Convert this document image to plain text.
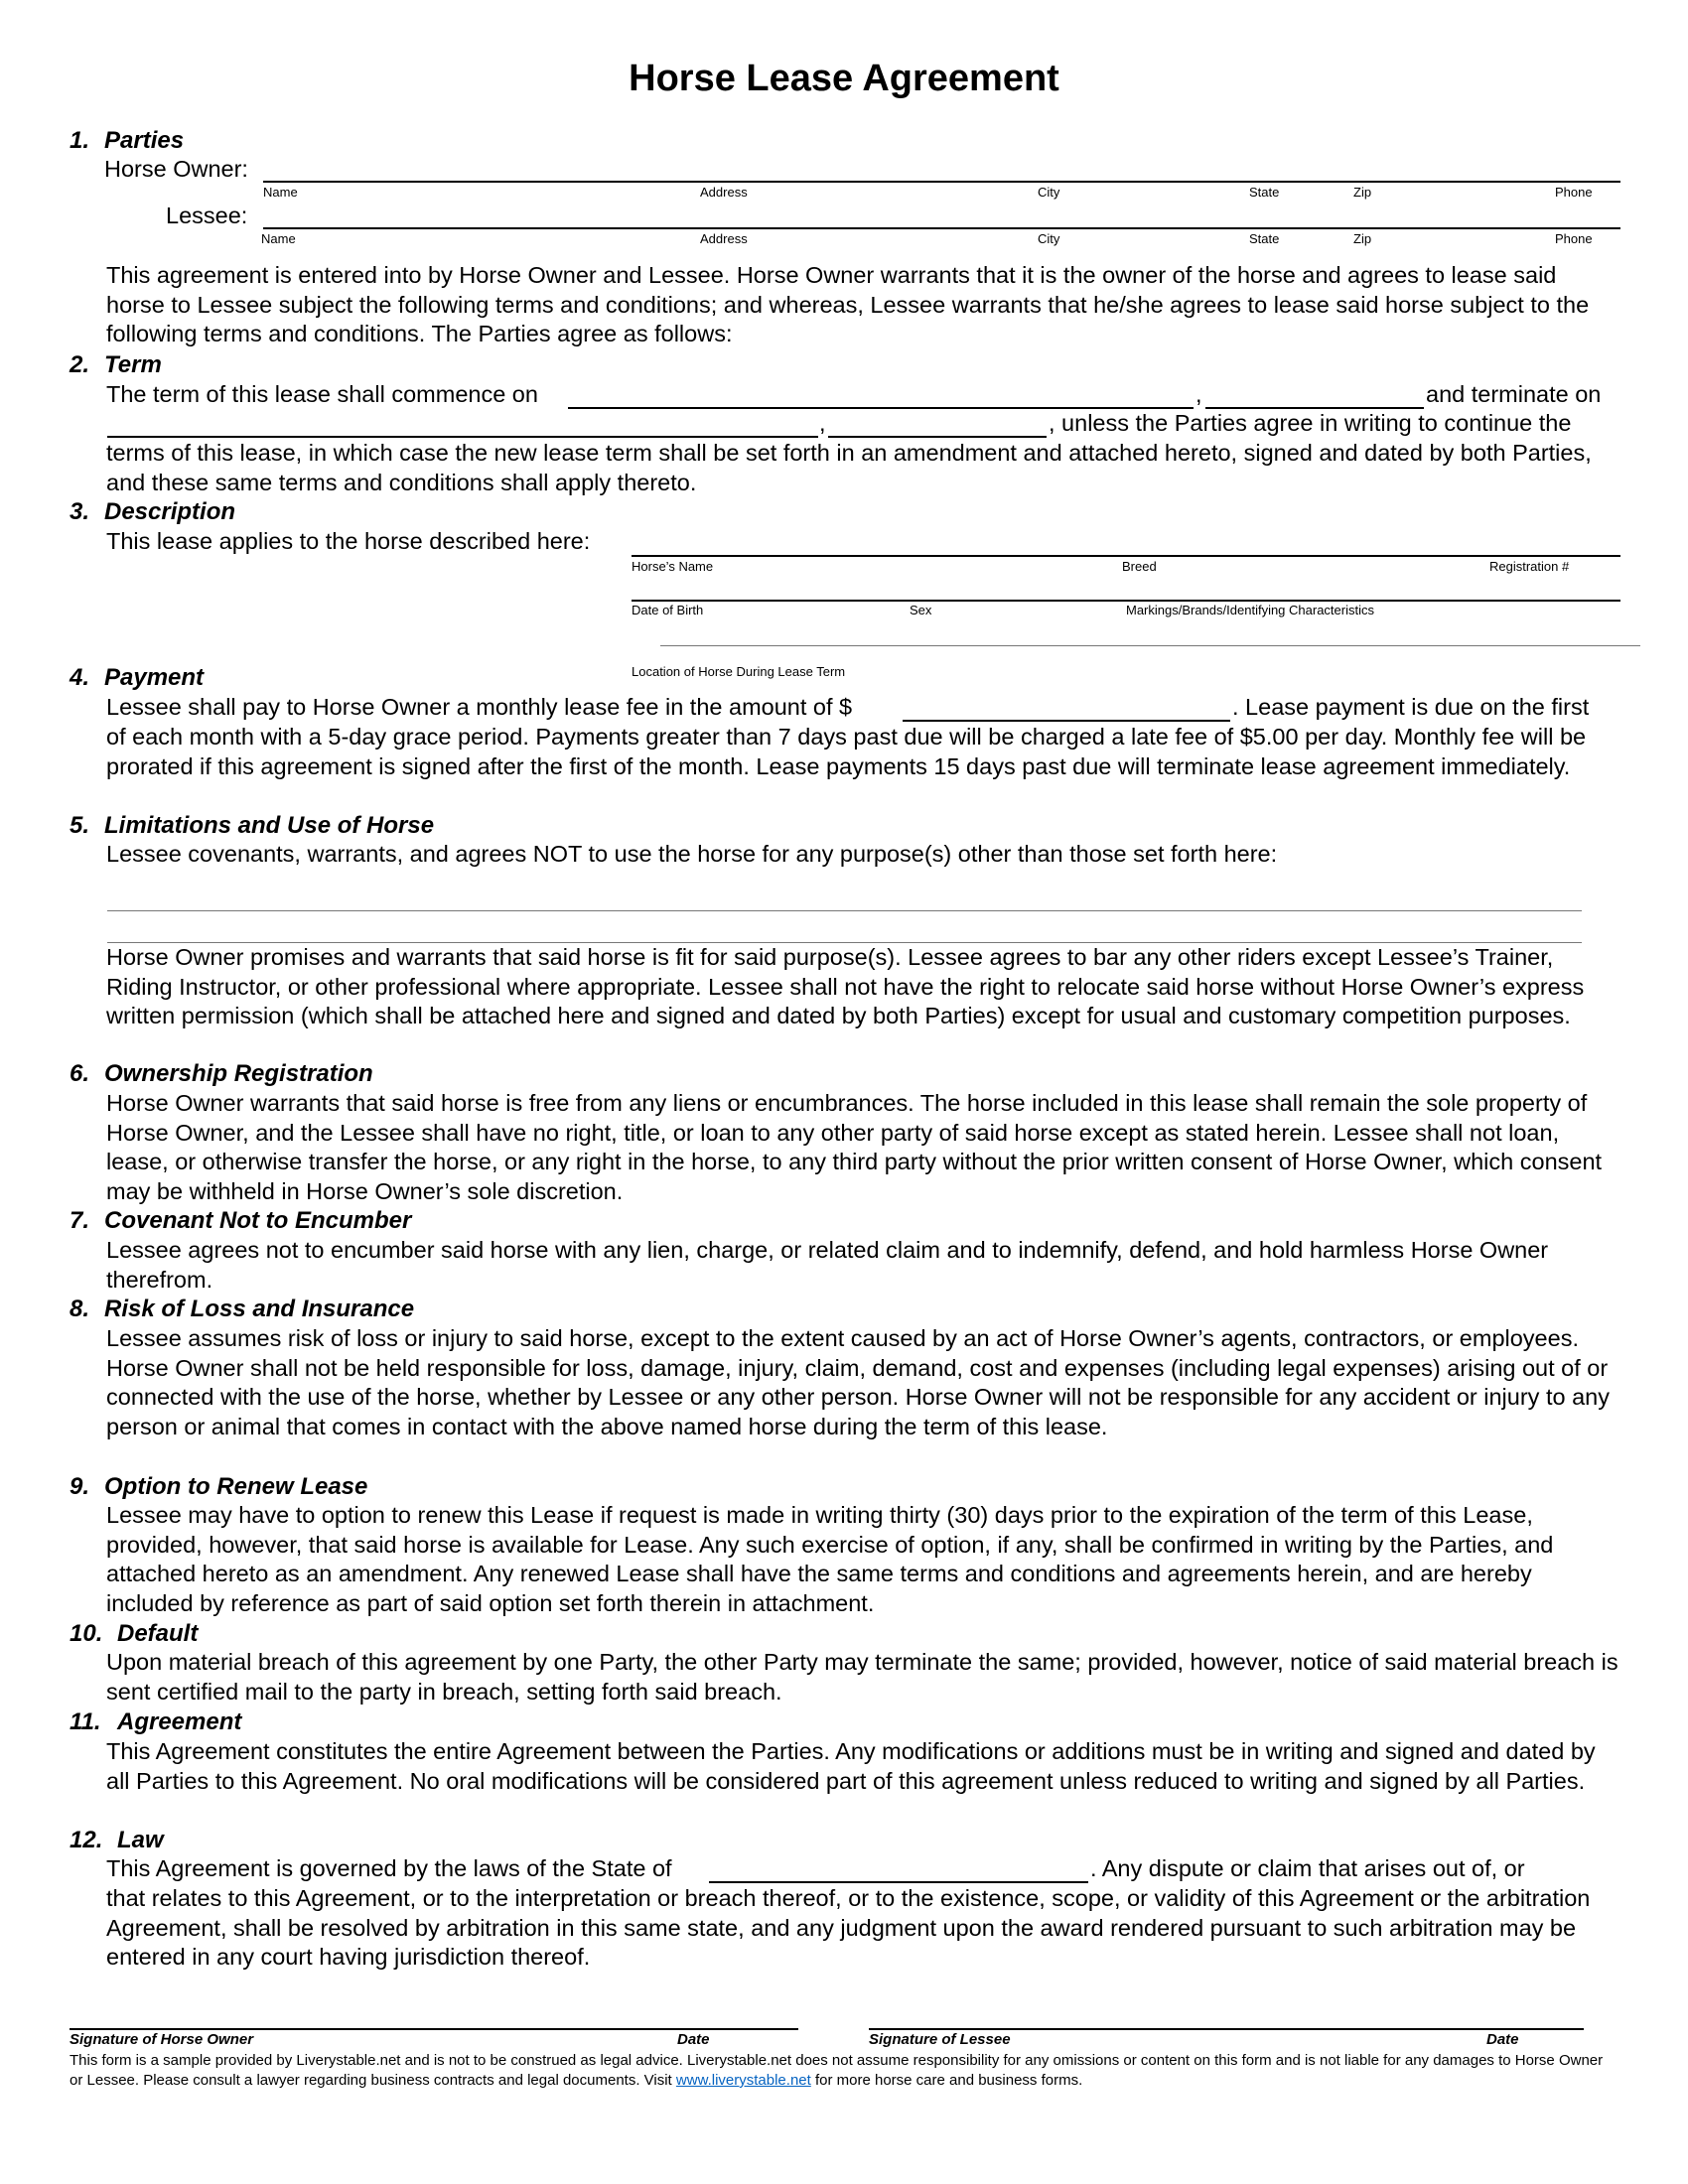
Horse Lease Agreement
1. Parties
Horse Owner:
Name	Address	City	State	Zip	Phone
Lessee:
Name	Address	City	State	Zip	Phone
This agreement is entered into by Horse Owner and Lessee. Horse Owner warrants that it is the owner of the horse and agrees to lease said horse to Lessee subject the following terms and conditions; and whereas, Lessee warrants that he/she agrees to lease said horse subject to the following terms and conditions. The Parties agree as follows:
2. Term
The term of this lease shall commence on	,	and terminate on
,	, unless the Parties agree in writing to continue the
terms of this lease, in which case the new lease term shall be set forth in an amendment and attached hereto, signed and dated by both Parties, and these same terms and conditions shall apply thereto.
3. Description
This lease applies to the horse described here:
Horse’s Name	Breed	Registration #
Date of Birth	Sex	Markings/Brands/Identifying Characteristics
Location of Horse During Lease Term
4. Payment
Lessee shall pay to Horse Owner a monthly lease fee in the amount of $	. Lease payment is due on the first
of each month with a 5-day grace period. Payments greater than 7 days past due will be charged a late fee of $5.00 per day. Monthly fee will be prorated if this agreement is signed after the first of the month. Lease payments 15 days past due will terminate lease agreement immediately.
5. Limitations and Use of Horse
Lessee covenants, warrants, and agrees NOT to use the horse for any purpose(s) other than those set forth here:
Horse Owner promises and warrants that said horse is fit for said purpose(s). Lessee agrees to bar any other riders except Lessee’s Trainer, Riding Instructor, or other professional where appropriate. Lessee shall not have the right to relocate said horse without Horse Owner’s express written permission (which shall be attached here and signed and dated by both Parties) except for usual and customary competition purposes.
6. Ownership Registration
Horse Owner warrants that said horse is free from any liens or encumbrances. The horse included in this lease shall remain the sole property of Horse Owner, and the Lessee shall have no right, title, or loan to any other party of said horse except as stated herein. Lessee shall not loan, lease, or otherwise transfer the horse, or any right in the horse, to any third party without the prior written consent of Horse Owner, which consent may be withheld in Horse Owner’s sole discretion.
7. Covenant Not to Encumber
Lessee agrees not to encumber said horse with any lien, charge, or related claim and to indemnify, defend, and hold harmless Horse Owner therefrom.
8. Risk of Loss and Insurance
Lessee assumes risk of loss or injury to said horse, except to the extent caused by an act of Horse Owner’s agents, contractors, or employees. Horse Owner shall not be held responsible for loss, damage, injury, claim, demand, cost and expenses (including legal expenses) arising out of or connected with the use of the horse, whether by Lessee or any other person. Horse Owner will not be responsible for any accident or injury to any person or animal that comes in contact with the above named horse during the term of this lease.
9. Option to Renew Lease
Lessee may have to option to renew this Lease if request is made in writing thirty (30) days prior to the expiration of the term of this Lease, provided, however, that said horse is available for Lease. Any such exercise of option, if any, shall be confirmed in writing by the Parties, and attached hereto as an amendment. Any renewed Lease shall have the same terms and conditions and agreements herein, and are hereby included by reference as part of said option set forth therein in attachment.
10. Default
Upon material breach of this agreement by one Party, the other Party may terminate the same; provided, however, notice of said material breach is sent certified mail to the party in breach, setting forth said breach.
11. Agreement
This Agreement constitutes the entire Agreement between the Parties. Any modifications or additions must be in writing and signed and dated by all Parties to this Agreement. No oral modifications will be considered part of this agreement unless reduced to writing and signed by all Parties.
12. Law
This Agreement is governed by the laws of the State of	. Any dispute or claim that arises out of, or
that relates to this Agreement, or to the interpretation or breach thereof, or to the existence, scope, or validity of this Agreement or the arbitration Agreement, shall be resolved by arbitration in this same state, and any judgment upon the award rendered pursuant to such arbitration may be entered in any court having jurisdiction thereof.
Signature of Horse Owner	Date	Signature of Lessee	Date
This form is a sample provided by Liverystable.net and is not to be construed as legal advice. Liverystable.net does not assume responsibility for any omissions or content on this form and is not liable for any damages to Horse Owner or Lessee. Please consult a lawyer regarding business contracts and legal documents. Visit www.liverystable.net for more horse care and business forms.
